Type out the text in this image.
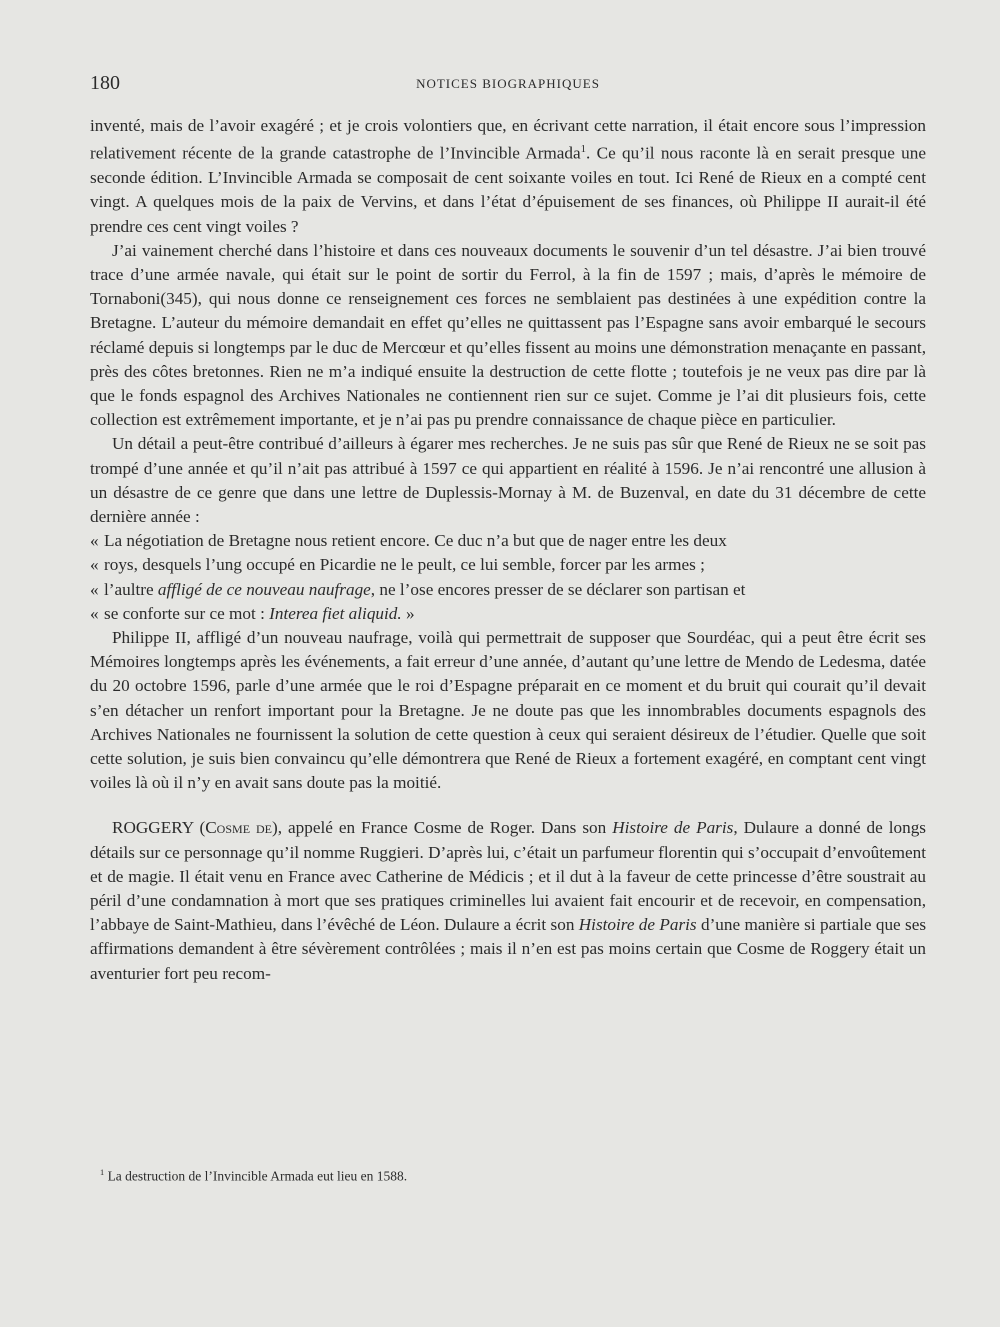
180	NOTICES BIOGRAPHIQUES

inventé, mais de l’avoir exagéré ; et je crois volontiers que, en écrivant cette narration, il était encore sous l’impression relativement récente de la grande catastrophe de l’Invincible Armada$^1$. Ce qu’il nous raconte là en serait presque une seconde édition. L’Invincible Armada se composait de cent soixante voiles en tout. Ici René de Rieux en a compté cent vingt. A quelques mois de la paix de Vervins, et dans l’état d’épuisement de ses finances, où Philippe II aurait-il été prendre ces cent vingt voiles ?

J’ai vainement cherché dans l’histoire et dans ces nouveaux documents le souvenir d’un tel désastre. J’ai bien trouvé trace d’une armée navale, qui était sur le point de sortir du Ferrol, à la fin de 1597 ; mais, d’après le mémoire de Tornaboni(345), qui nous donne ce renseignement ces forces ne semblaient pas destinées à une expédition contre la Bretagne. L’auteur du mémoire demandait en effet qu’elles ne quittassent pas l’Espagne sans avoir embarqué le secours réclamé depuis si longtemps par le duc de Mercœur et qu’elles fissent au moins une démonstration menaçante en passant, près des côtes bretonnes. Rien ne m’a indiqué ensuite la destruction de cette flotte ; toutefois je ne veux pas dire par là que le fonds espagnol des Archives Nationales ne contiennent rien sur ce sujet. Comme je l’ai dit plusieurs fois, cette collection est extrêmement importante, et je n’ai pas pu prendre connaissance de chaque pièce en particulier.

Un détail a peut-être contribué d’ailleurs à égarer mes recherches. Je ne suis pas sûr que René de Rieux ne se soit pas trompé d’une année et qu’il n’ait pas attribué à 1597 ce qui appartient en réalité à 1596. Je n’ai rencontré une allusion à un désastre de ce genre que dans une lettre de Duplessis-Mornay à M. de Buzenval, en date du 31 décembre de cette dernière année :

« La négotiation de Bretagne nous retient encore. Ce duc n’a but que de nager entre les deux

« roys, desquels l’ung occupé en Picardie ne le peult, ce lui semble, forcer par les armes ;

« l’aultre affligé de ce nouveau naufrage, ne l’ose encores presser de se déclarer son partisan et

« se conforte sur ce mot : Interea fiet aliquid. »

Philippe II, affligé d’un nouveau naufrage, voilà qui permettrait de supposer que Sourdéac, qui a peut être écrit ses Mémoires longtemps après les événements, a fait erreur d’une année, d’autant qu’une lettre de Mendo de Ledesma, datée du 20 octobre 1596, parle d’une armée que le roi d’Espagne préparait en ce moment et du bruit qui courait qu’il devait s’en détacher un renfort important pour la Bretagne. Je ne doute pas que les innombrables documents espagnols des Archives Nationales ne fournissent la solution de cette question à ceux qui seraient désireux de l’étudier. Quelle que soit cette solution, je suis bien convaincu qu’elle démontrera que René de Rieux a fortement exagéré, en comptant cent vingt voiles là où il n’y en avait sans doute pas la moitié.

ROGGERY (Cosme de), appelé en France Cosme de Roger. Dans son Histoire de Paris, Dulaure a donné de longs détails sur ce personnage qu’il nomme Ruggieri. D’après lui, c’était un parfumeur florentin qui s’occupait d’envoûtement et de magie. Il était venu en France avec Catherine de Médicis ; et il dut à la faveur de cette princesse d’être soustrait au péril d’une condamnation à mort que ses pratiques criminelles lui avaient fait encourir et de recevoir, en compensation, l’abbaye de Saint-Mathieu, dans l’évêché de Léon. Dulaure a écrit son Histoire de Paris d’une manière si partiale que ses affirmations demandent à être sévèrement contrôlées ; mais il n’en est pas moins certain que Cosme de Roggery était un aventurier fort peu recom-

$^1$ La destruction de l’Invincible Armada eut lieu en 1588.
